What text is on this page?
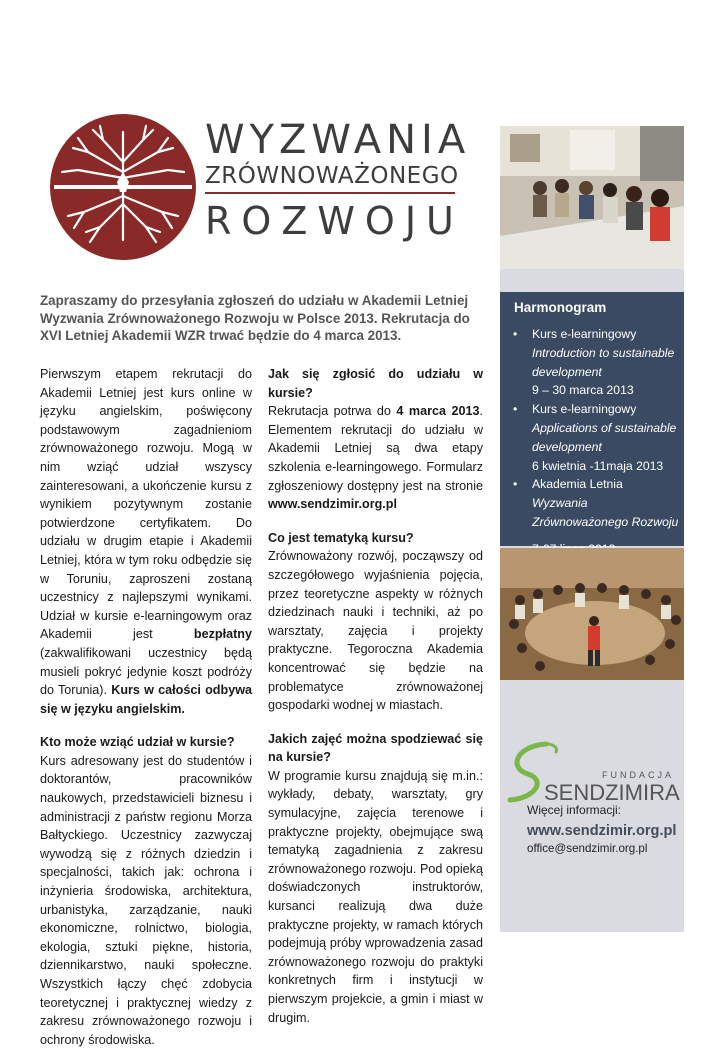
WYZWANIA
ZRÓWNOWAŻONEGO
ROZWOJU
Zapraszamy do przesyłania zgłoszeń do udziału w Akademii Letniej Wyzwania Zrównoważonego Rozwoju w Polsce 2013. Rekrutacja do XVI Letniej Akademii WZR trwać będzie do 4 marca 2013.

Pierwszym etapem rekrutacji do Akademii Letniej jest kurs online w języku angielskim, poświęcony podstawowym zagadnieniom zrównoważonego rozwoju. Mogą w nim wziąć udział wszyscy zainteresowani, a ukończenie kursu z wynikiem pozytywnym zostanie potwierdzone certyfikatem. Do udziału w drugim etapie i Akademii Letniej, która w tym roku odbędzie się w Toruniu, zaproszeni zostaną uczestnicy z najlepszymi wynikami. Udział w kursie e-learningowym oraz Akademii jest bezpłatny (zakwalifikowani uczestnicy będą musieli pokryć jedynie koszt podróży do Torunia). Kurs w całości odbywa się w języku angielskim.

Kto może wziąć udział w kursie?

Kurs adresowany jest do studentów i doktorantów, pracowników naukowych, przedstawicieli biznesu i administracji z państw regionu Morza Bałtyckiego. Uczestnicy zazwyczaj wywodzą się z różnych dziedzin i specjalności, takich jak: ochrona i inżynieria środowiska, architektura, urbanistyka, zarządzanie, nauki ekonomiczne, rolnictwo, biologia, ekologia, sztuki piękne, historia, dziennikarstwo, nauki społeczne. Wszystkich łączy chęć zdobycia teoretycznej i praktycznej wiedzy z zakresu zrównoważonego rozwoju i ochrony środowiska.

Jak się zgłosić do udziału w kursie?

Rekrutacja potrwa do 4 marca 2013. Elementem rekrutacji do udziału w Akademii Letniej są dwa etapy szkolenia e-learningowego. Formularz zgłoszeniowy dostępny jest na stronie www.sendzimir.org.pl

Co jest tematyką kursu?

Zrównoważony rozwój, począwszy od szczegółowego wyjaśnienia pojęcia, przez teoretyczne aspekty w różnych dziedzinach nauki i techniki, aż po warsztaty, zajęcia i projekty praktyczne. Tegoroczna Akademia koncentrować się będzie na problematyce zrównoważonej gospodarki wodnej w miastach.

Jakich zajęć można spodziewać się na kursie?

W programie kursu znajdują się m.in.: wykłady, debaty, warsztaty, gry symulacyjne, zajęcia terenowe i praktyczne projekty, obejmujące swą tematyką zagadnienia z zakresu zrównoważonego rozwoju. Pod opieką doświadczonych instruktorów, kursanci realizują dwa duże praktyczne projekty, w ramach których podejmują próby wprowadzenia zasad zrównoważonego rozwoju do praktyki konkretnych firm i instytucji w pierwszym projekcie, a gmin i miast w drugim.

Harmonogram
• Kurs e-learningowy
Introduction to sustainable development
9 – 30 marca 2013
• Kurs e-learningowy
Applications of sustainable development
6 kwietnia -11maja 2013
• Akademia Letnia Wyzwania Zrównoważonego Rozwoju
FUNDACJA
SENDZIMIRA
Więcej informacji:
www.sendzimir.org.pl
office@sendzimir.org.pl
